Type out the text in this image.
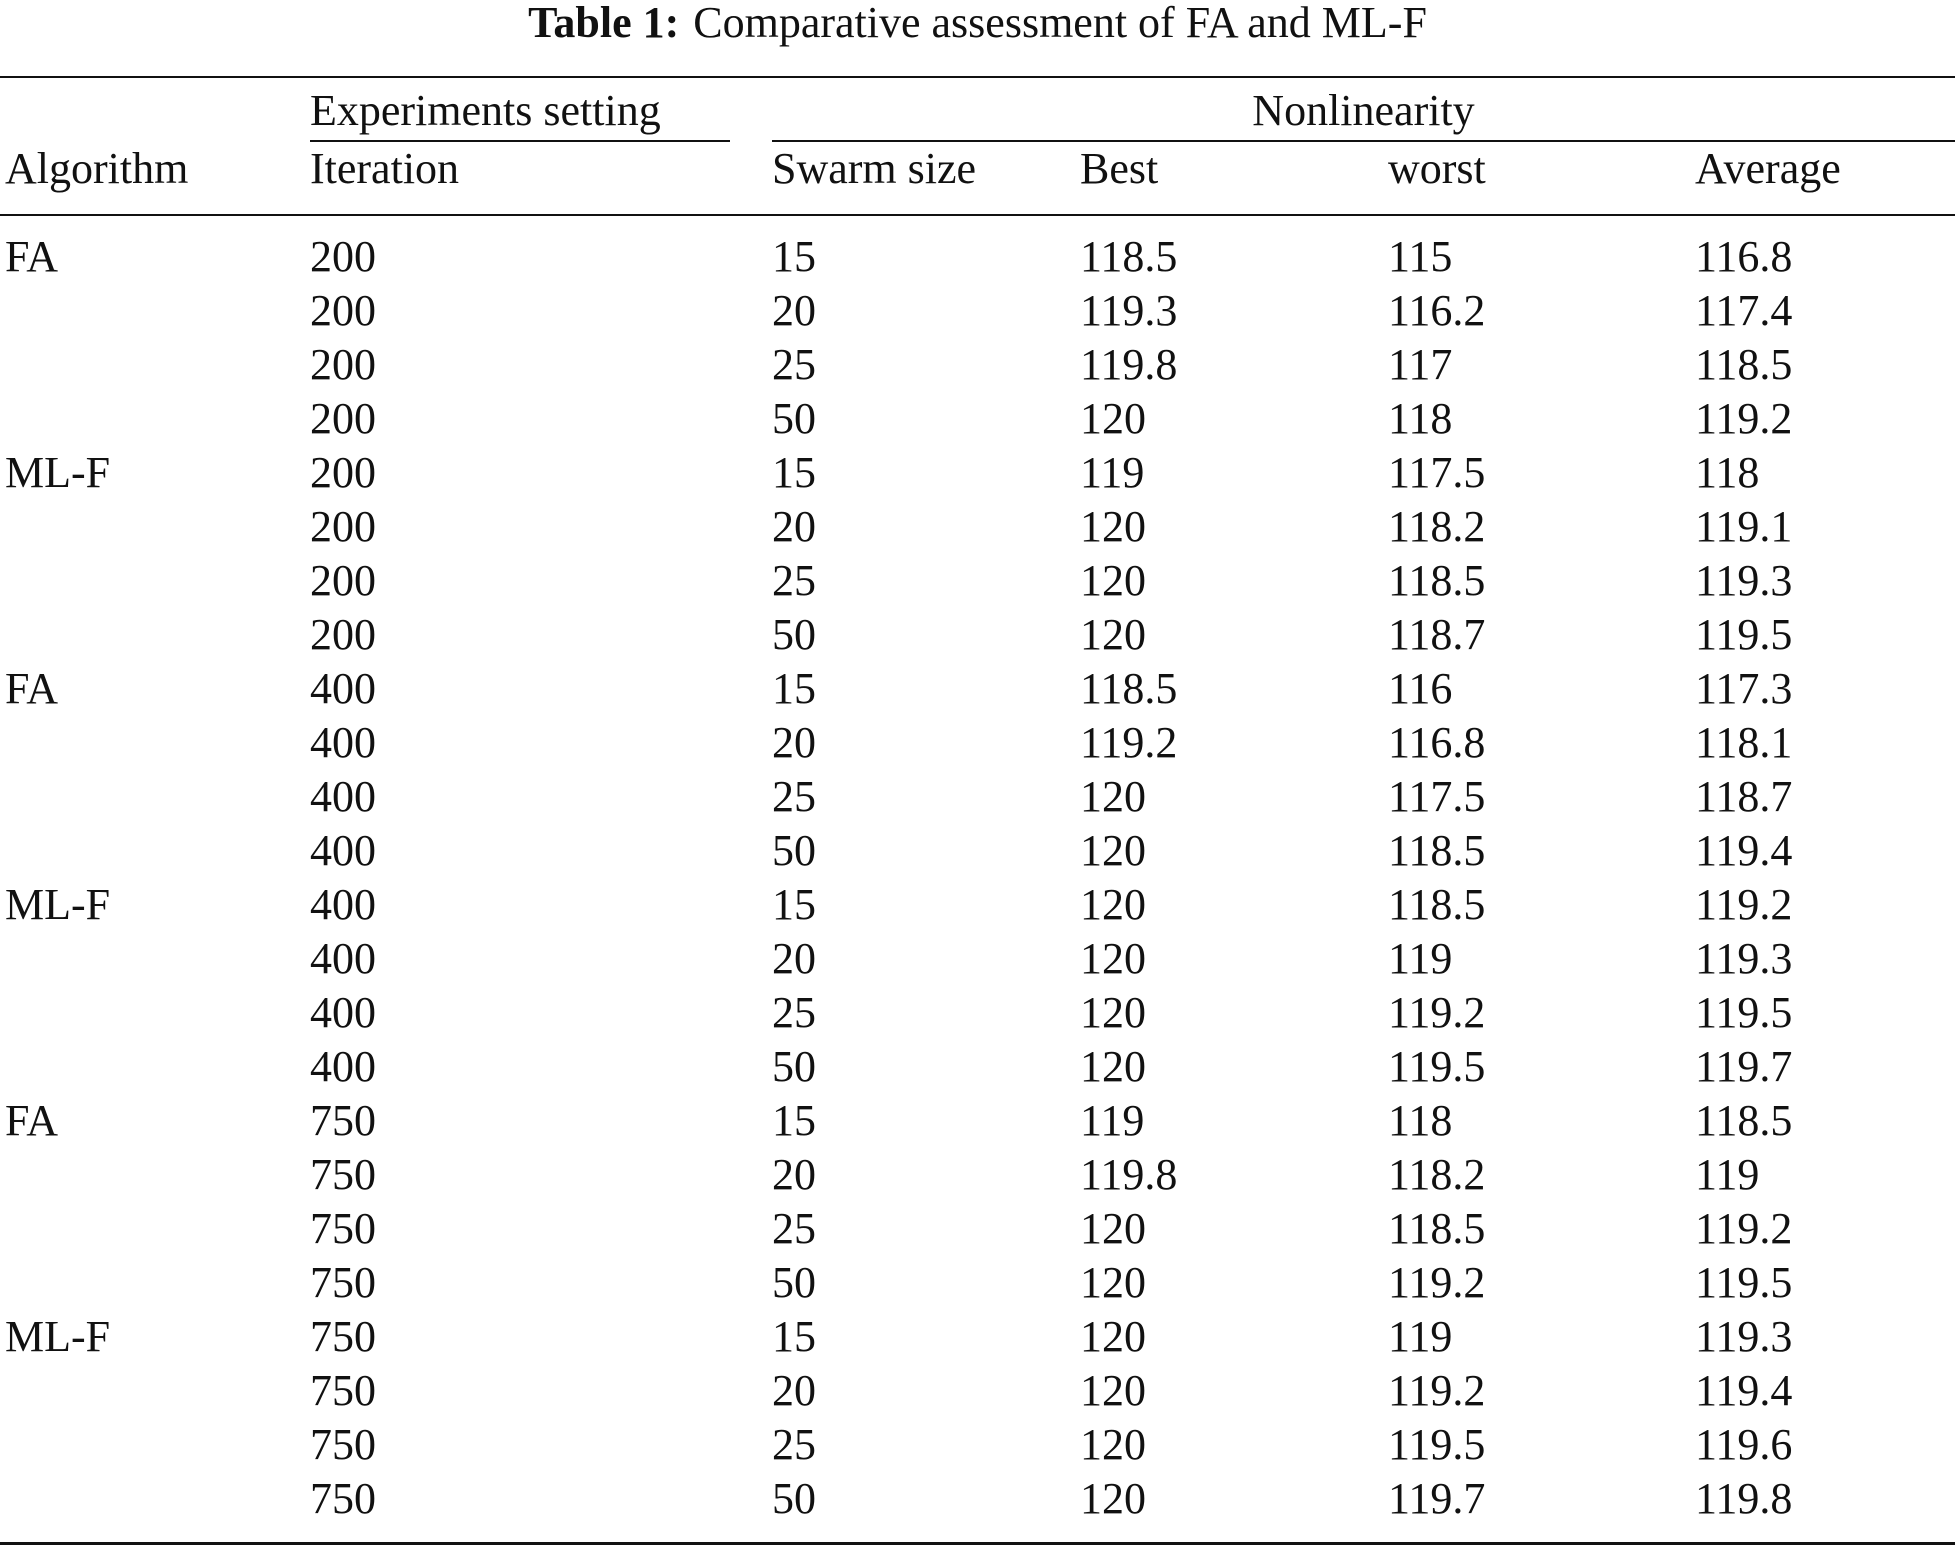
Table 1: Comparative assessment of FA and ML-F
Experiments setting	Nonlinearity
Algorithm	Iteration	Swarm size Best	worst	Average
FA	200	15	118.5	115	116.8
200	20	119.3	116.2	117.4
200	25	119.8	117	118.5
200	50	120	118	119.2
ML-F	200	15	119	117.5	118
200	20	120	118.2	119.1
200	25	120	118.5	119.3
200	50	120	118.7	119.5
FA	400	15	118.5	116	117.3
400	20	119.2	116.8	118.1
400	25	120	117.5	118.7
400	50	120	118.5	119.4
ML-F	400	15	120	118.5	119.2
400	20	120	119	119.3
400	25	120	119.2	119.5
400	50	120	119.5	119.7
FA	750	15	119	118	118.5
750	20	119.8	118.2	119
750	25	120	118.5	119.2
750	50	120	119.2	119.5
ML-F	750	15	120	119	119.3
750	20	120	119.2	119.4
750	25	120	119.5	119.6
750	50	120	119.7	119.8
